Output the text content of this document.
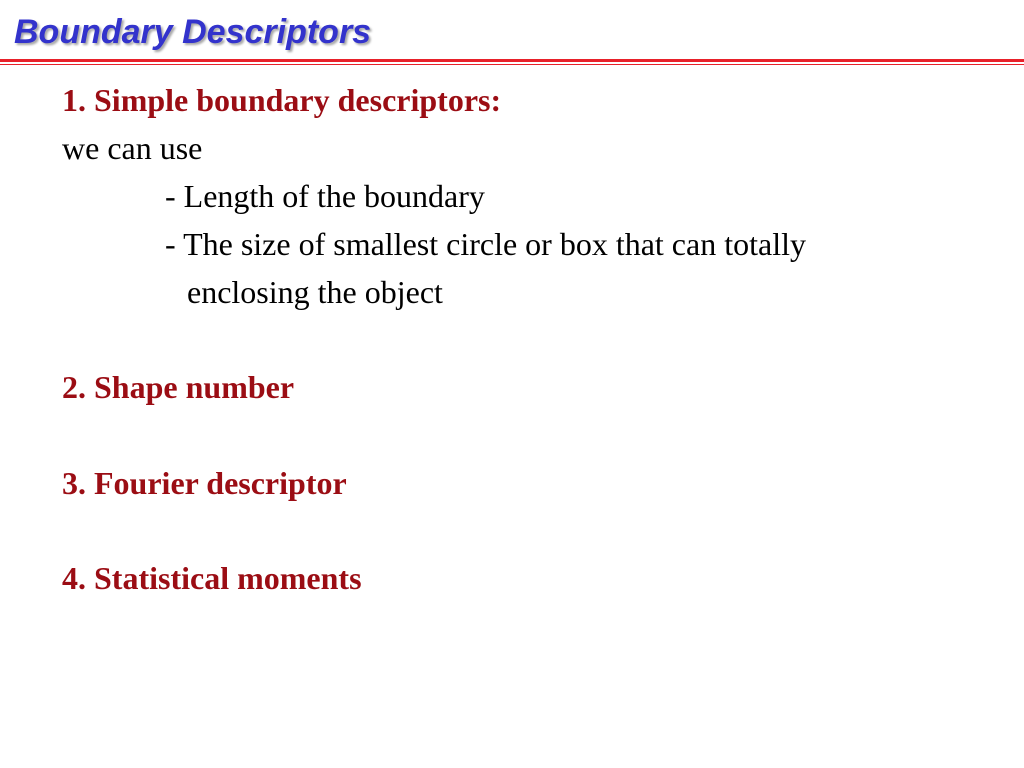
Boundary Descriptors
1. Simple boundary descriptors:
we can use
- Length of the boundary
- The size of smallest circle or box that can totally
enclosing the object
2. Shape number
3. Fourier descriptor
4. Statistical moments
